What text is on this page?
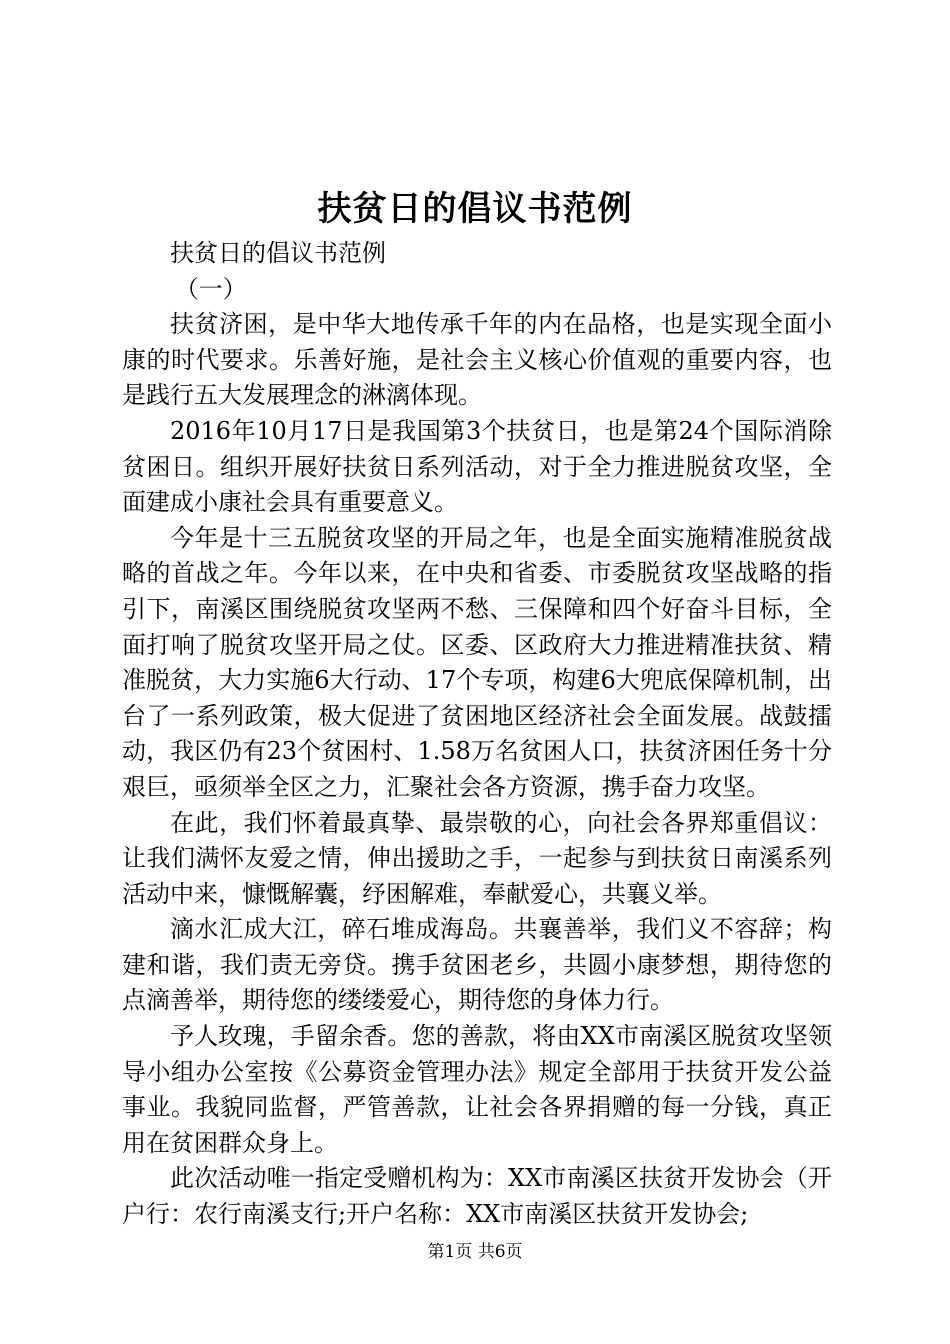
扶贫日的倡议书范例

扶贫日的倡议书范例

（一）

扶贫济困，是中华大地传承千年的内在品格，也是实现全面小康的时代要求。乐善好施，是社会主义核心价值观的重要内容，也是践行五大发展理念的淋漓体现。

2016年10月17日是我国第3个扶贫日，也是第24个国际消除贫困日。组织开展好扶贫日系列活动，对于全力推进脱贫攻坚，全面建成小康社会具有重要意义。

今年是十三五脱贫攻坚的开局之年，也是全面实施精准脱贫战略的首战之年。今年以来，在中央和省委、市委脱贫攻坚战略的指引下，南溪区围绕脱贫攻坚两不愁、三保障和四个好奋斗目标，全面打响了脱贫攻坚开局之仗。区委、区政府大力推进精准扶贫、精准脱贫，大力实施6大行动、17个专项，构建6大兜底保障机制，出台了一系列政策，极大促进了贫困地区经济社会全面发展。战鼓擂动，我区仍有23个贫困村、1.58万名贫困人口，扶贫济困任务十分艰巨，亟须举全区之力，汇聚社会各方资源，携手奋力攻坚。

在此，我们怀着最真挚、最崇敬的心，向社会各界郑重倡议：让我们满怀友爱之情，伸出援助之手，一起参与到扶贫日南溪系列活动中来，慷慨解囊，纾困解难，奉献爱心，共襄义举。

滴水汇成大江，碎石堆成海岛。共襄善举，我们义不容辞；构建和谐，我们责无旁贷。携手贫困老乡，共圆小康梦想，期待您的点滴善举，期待您的缕缕爱心，期待您的身体力行。

予人玫瑰，手留余香。您的善款，将由XX市南溪区脱贫攻坚领导小组办公室按《公募资金管理办法》规定全部用于扶贫开发公益事业。我貌同监督，严管善款，让社会各界捐赠的每一分钱，真正用在贫困群众身上。

此次活动唯一指定受赠机构为：XX市南溪区扶贫开发协会（开户行：农行南溪支行;开户名称：XX市南溪区扶贫开发协会;

第1页 共6页
